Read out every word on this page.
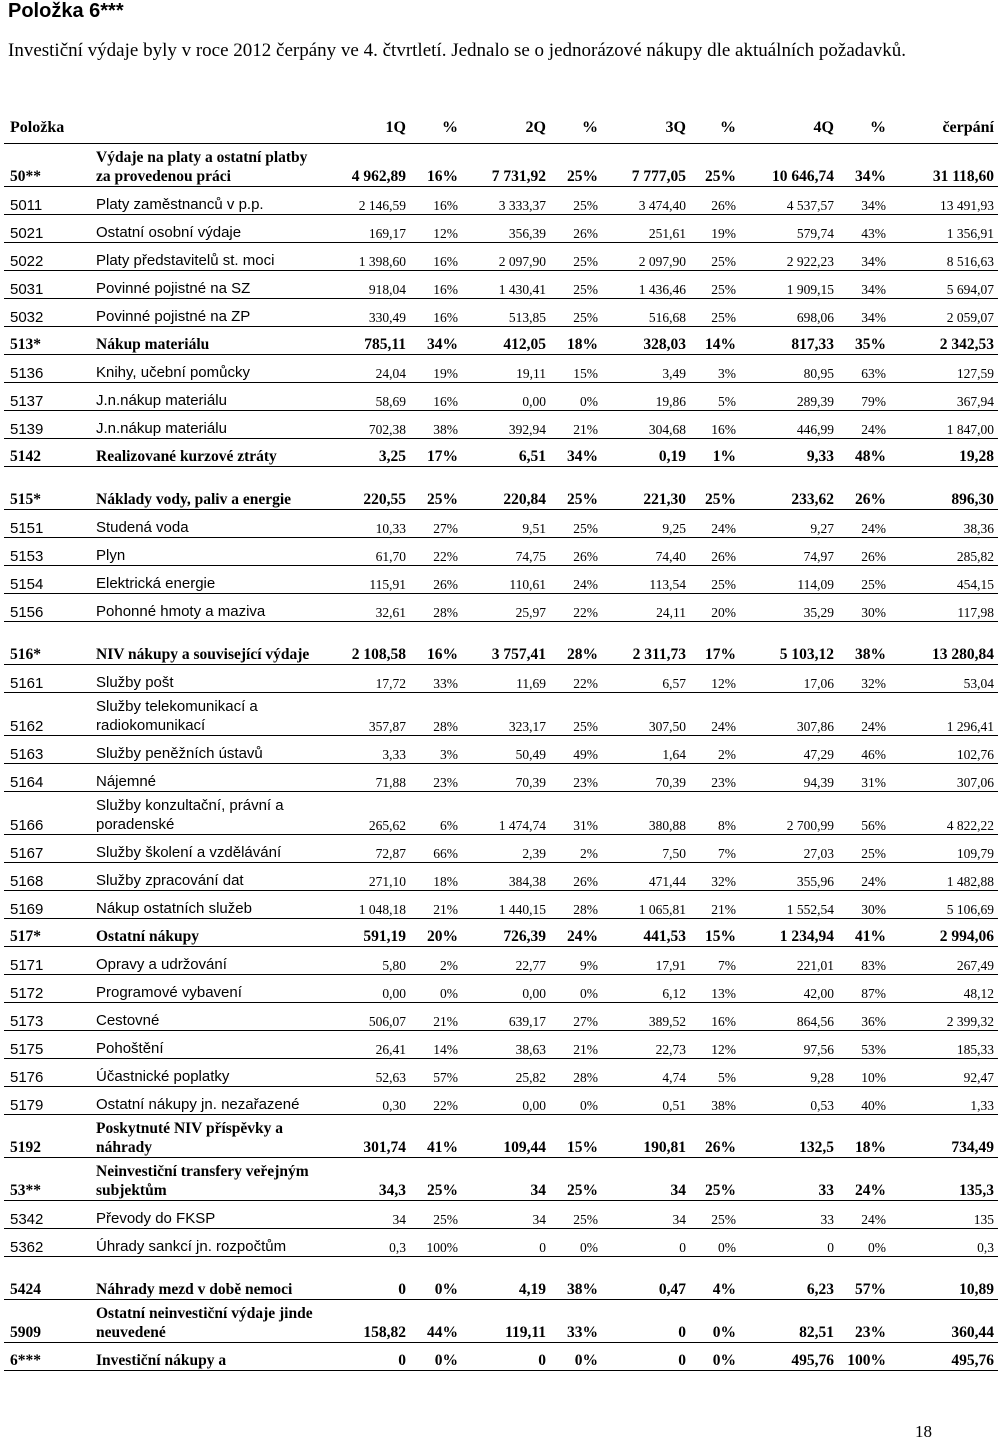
Položka 6***
Investiční výdaje byly v roce 2012 čerpány ve 4. čtvrtletí. Jednalo se o jednorázové nákupy dle aktuálních požadavků.
Položka		1Q	%	2Q	%	3Q	%	4Q	%	čerpání
50**	Výdaje na platy a ostatní platby za provedenou práci	4 962,89	16%	7 731,92	25%	7 777,05	25%	10 646,74	34%	31 118,60
5011	Platy zaměstnanců v p.p.	2 146,59	16%	3 333,37	25%	3 474,40	26%	4 537,57	34%	13 491,93
5021	Ostatní osobní výdaje	169,17	12%	356,39	26%	251,61	19%	579,74	43%	1 356,91
5022	Platy představitelů st. moci	1 398,60	16%	2 097,90	25%	2 097,90	25%	2 922,23	34%	8 516,63
5031	Povinné pojistné na SZ	918,04	16%	1 430,41	25%	1 436,46	25%	1 909,15	34%	5 694,07
5032	Povinné pojistné na ZP	330,49	16%	513,85	25%	516,68	25%	698,06	34%	2 059,07
513*	Nákup materiálu	785,11	34%	412,05	18%	328,03	14%	817,33	35%	2 342,53
5136	Knihy, učební pomůcky	24,04	19%	19,11	15%	3,49	3%	80,95	63%	127,59
5137	J.n.nákup materiálu	58,69	16%	0,00	0%	19,86	5%	289,39	79%	367,94
5139	J.n.nákup materiálu	702,38	38%	392,94	21%	304,68	16%	446,99	24%	1 847,00
5142	Realizované kurzové ztráty	3,25	17%	6,51	34%	0,19	1%	9,33	48%	19,28
515*	Náklady vody, paliv a energie	220,55	25%	220,84	25%	221,30	25%	233,62	26%	896,30
5151	Studená voda	10,33	27%	9,51	25%	9,25	24%	9,27	24%	38,36
5153	Plyn	61,70	22%	74,75	26%	74,40	26%	74,97	26%	285,82
5154	Elektrická energie	115,91	26%	110,61	24%	113,54	25%	114,09	25%	454,15
5156	Pohonné hmoty a maziva	32,61	28%	25,97	22%	24,11	20%	35,29	30%	117,98
516*	NIV nákupy a související výdaje	2 108,58	16%	3 757,41	28%	2 311,73	17%	5 103,12	38%	13 280,84
5161	Služby pošt	17,72	33%	11,69	22%	6,57	12%	17,06	32%	53,04
5162	Služby telekomunikací a radiokomunikací	357,87	28%	323,17	25%	307,50	24%	307,86	24%	1 296,41
5163	Služby peněžních ústavů	3,33	3%	50,49	49%	1,64	2%	47,29	46%	102,76
5164	Nájemné	71,88	23%	70,39	23%	70,39	23%	94,39	31%	307,06
5166	Služby konzultační, právní a poradenské	265,62	6%	1 474,74	31%	380,88	8%	2 700,99	56%	4 822,22
5167	Služby školení a vzdělávání	72,87	66%	2,39	2%	7,50	7%	27,03	25%	109,79
5168	Služby zpracování dat	271,10	18%	384,38	26%	471,44	32%	355,96	24%	1 482,88
5169	Nákup ostatních služeb	1 048,18	21%	1 440,15	28%	1 065,81	21%	1 552,54	30%	5 106,69
517*	Ostatní nákupy	591,19	20%	726,39	24%	441,53	15%	1 234,94	41%	2 994,06
5171	Opravy a udržování	5,80	2%	22,77	9%	17,91	7%	221,01	83%	267,49
5172	Programové vybavení	0,00	0%	0,00	0%	6,12	13%	42,00	87%	48,12
5173	Cestovné	506,07	21%	639,17	27%	389,52	16%	864,56	36%	2 399,32
5175	Pohoštění	26,41	14%	38,63	21%	22,73	12%	97,56	53%	185,33
5176	Účastnické poplatky	52,63	57%	25,82	28%	4,74	5%	9,28	10%	92,47
5179	Ostatní nákupy jn. nezařazené	0,30	22%	0,00	0%	0,51	38%	0,53	40%	1,33
5192	Poskytnuté NIV příspěvky a náhrady	301,74	41%	109,44	15%	190,81	26%	132,5	18%	734,49
53**	Neinvestiční transfery veřejným subjektům	34,3	25%	34	25%	34	25%	33	24%	135,3
5342	Převody do FKSP	34	25%	34	25%	34	25%	33	24%	135
5362	Úhrady sankcí jn. rozpočtům	0,3	100%	0	0%	0	0%	0	0%	0,3
5424	Náhrady mezd v době nemoci	0	0%	4,19	38%	0,47	4%	6,23	57%	10,89
5909	Ostatní neinvestiční výdaje jinde neuvedené	158,82	44%	119,11	33%	0	0%	82,51	23%	360,44
6***	Investiční nákupy a	0	0%	0	0%	0	0%	495,76	100%	495,76
18
